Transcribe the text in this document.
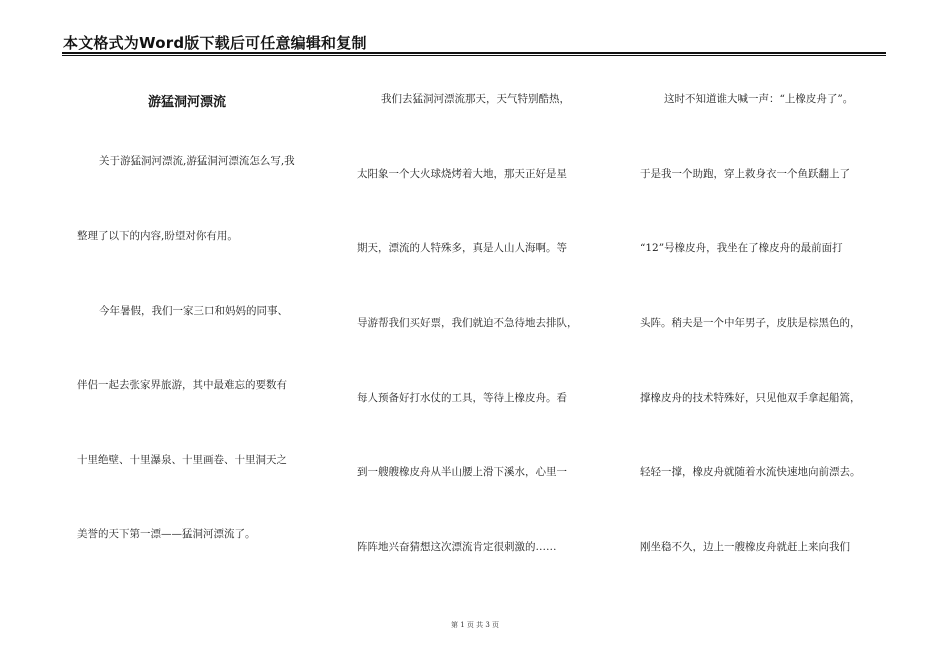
本文格式为Word版下载后可任意编辑和复制
游猛洞河漂流
关于游猛洞河漂流,游猛洞河漂流怎么写,我
整理了以下的内容,盼望对你有用。
今年暑假，我们一家三口和妈妈的同事、
伴侣一起去张家界旅游，其中最难忘的要数有
十里绝壁、十里瀑泉、十里画卷、十里洞天之
美誉的天下第一漂——猛洞河漂流了。
我们去猛洞河漂流那天，天气特别酷热，
太阳象一个大火球烧烤着大地，那天正好是星
期天，漂流的人特殊多，真是人山人海啊。等
导游帮我们买好票，我们就迫不急待地去排队，
每人预备好打水仗的工具，等待上橡皮舟。看
到一艘艘橡皮舟从半山腰上滑下溪水，心里一
阵阵地兴奋猜想这次漂流肯定很刺激的……
这时不知道谁大喊一声：“上橡皮舟了”。
于是我一个助跑，穿上救身衣一个鱼跃翻上了
“12”号橡皮舟，我坐在了橡皮舟的最前面打
头阵。稍夫是一个中年男子，皮肤是棕黑色的，
撑橡皮舟的技术特殊好，只见他双手拿起船篙，
轻轻一撑，橡皮舟就随着水流快速地向前漂去。
刚坐稳不久，边上一艘橡皮舟就赶上来向我们
第 1 页 共 3 页
